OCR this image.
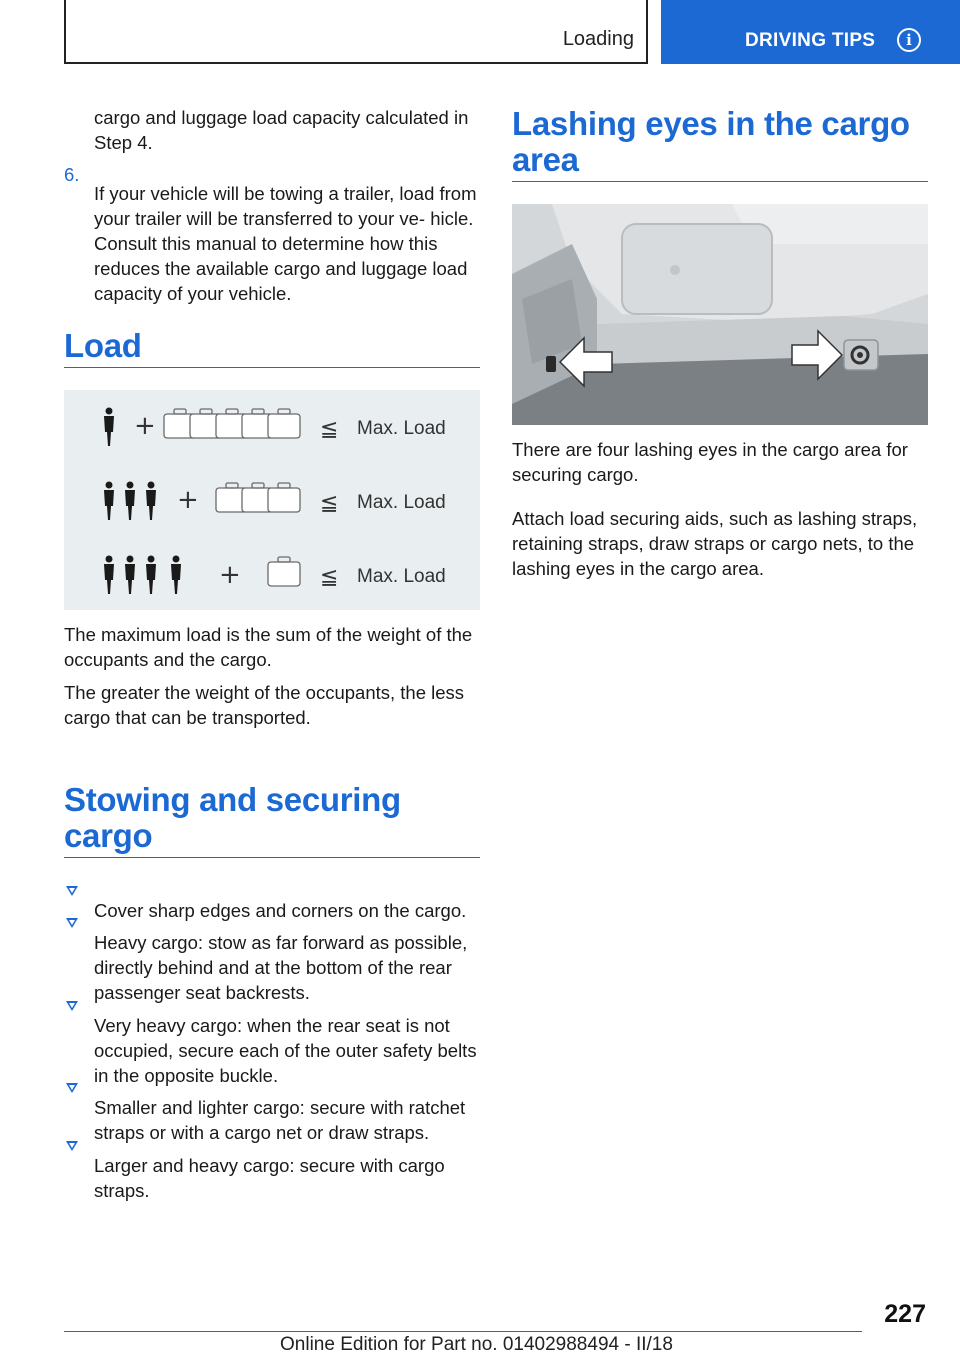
Loading	DRIVING TIPS	i

cargo and luggage load capacity calculated in Step 4.

6.

If your vehicle will be towing a trailer, load from your trailer will be transferred to your ve‐ hicle. Consult this manual to determine how this reduces the available cargo and luggage load capacity of your vehicle.

Load
+	≦ Max. Load
+	≦ Max. Load
+	≦ Max. Load

The maximum load is the sum of the weight of the occupants and the cargo.

The greater the weight of the occupants, the less cargo that can be transported.

Stowing and securing
cargo

Cover sharp edges and corners on the cargo.

Heavy cargo: stow as far forward as possible, directly behind and at the bottom of the rear passenger seat backrests.

Very heavy cargo: when the rear seat is not occupied, secure each of the outer safety belts in the opposite buckle.

Smaller and lighter cargo: secure with ratchet straps or with a cargo net or draw straps.

Larger and heavy cargo: secure with cargo straps.

Lashing eyes in the cargo
area

There are four lashing eyes in the cargo area for securing cargo.

Attach load securing aids, such as lashing straps, retaining straps, draw straps or cargo nets, to the lashing eyes in the cargo area.

227
Online Edition for Part no. 01402988494 - II/18
